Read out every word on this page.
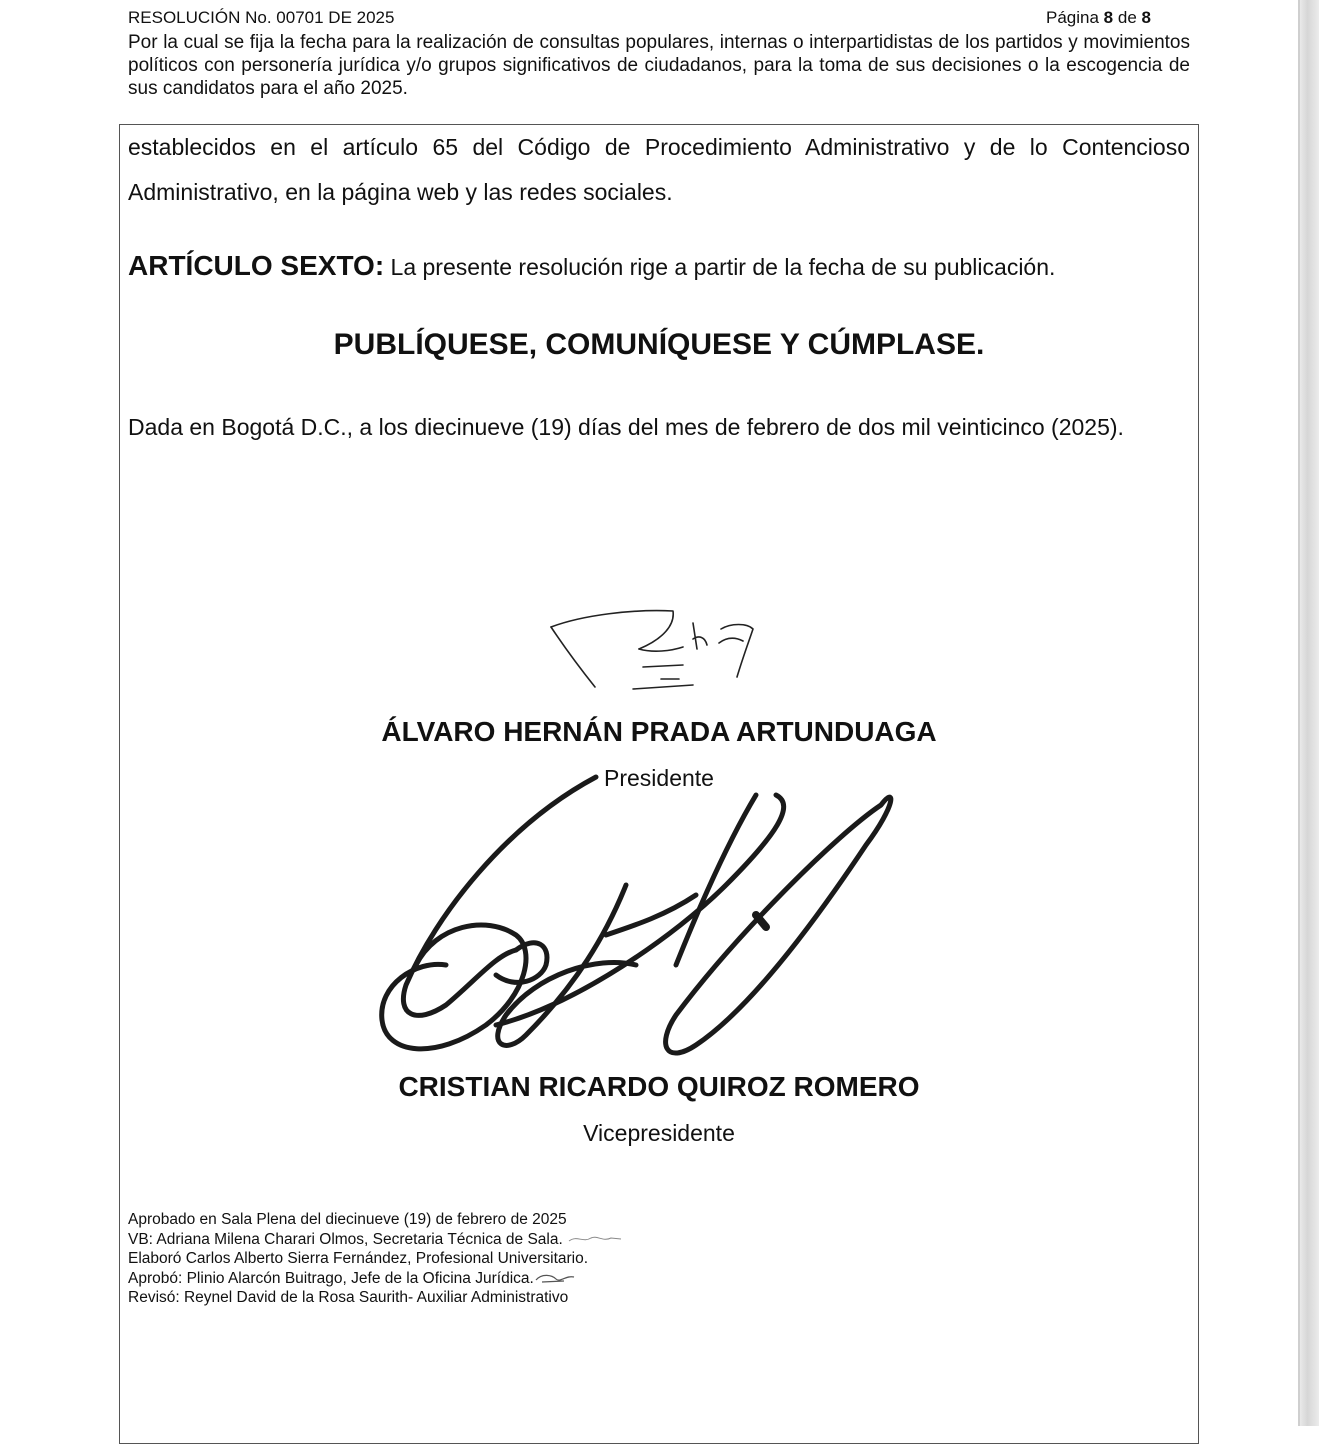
RESOLUCIÓN No. 00701 DE 2025	Página 8 de 8
Por la cual se fija la fecha para la realización de consultas populares, internas o interpartidistas de los partidos y movimientos políticos con personería jurídica y/o grupos significativos de ciudadanos, para la toma de sus decisiones o la escogencia de sus candidatos para el año 2025.

establecidos en el artículo 65 del Código de Procedimiento Administrativo y de lo Contencioso Administrativo, en la página web y las redes sociales.

ARTÍCULO SEXTO: La presente resolución rige a partir de la fecha de su publicación.

PUBLÍQUESE, COMUNÍQUESE Y CÚMPLASE.

Dada en Bogotá D.C., a los diecinueve (19) días del mes de febrero de dos mil veinticinco (2025).

ÁLVARO HERNÁN PRADA ARTUNDUAGA
Presidente
CRISTIAN RICARDO QUIROZ ROMERO
Vicepresidente
Aprobado en Sala Plena del diecinueve (19) de febrero de 2025
VB: Adriana Milena Charari Olmos, Secretaria Técnica de Sala.
Elaboró Carlos Alberto Sierra Fernández, Profesional Universitario.
Aprobó: Plinio Alarcón Buitrago, Jefe de la Oficina Jurídica.
Revisó: Reynel David de la Rosa Saurith- Auxiliar Administrativo
